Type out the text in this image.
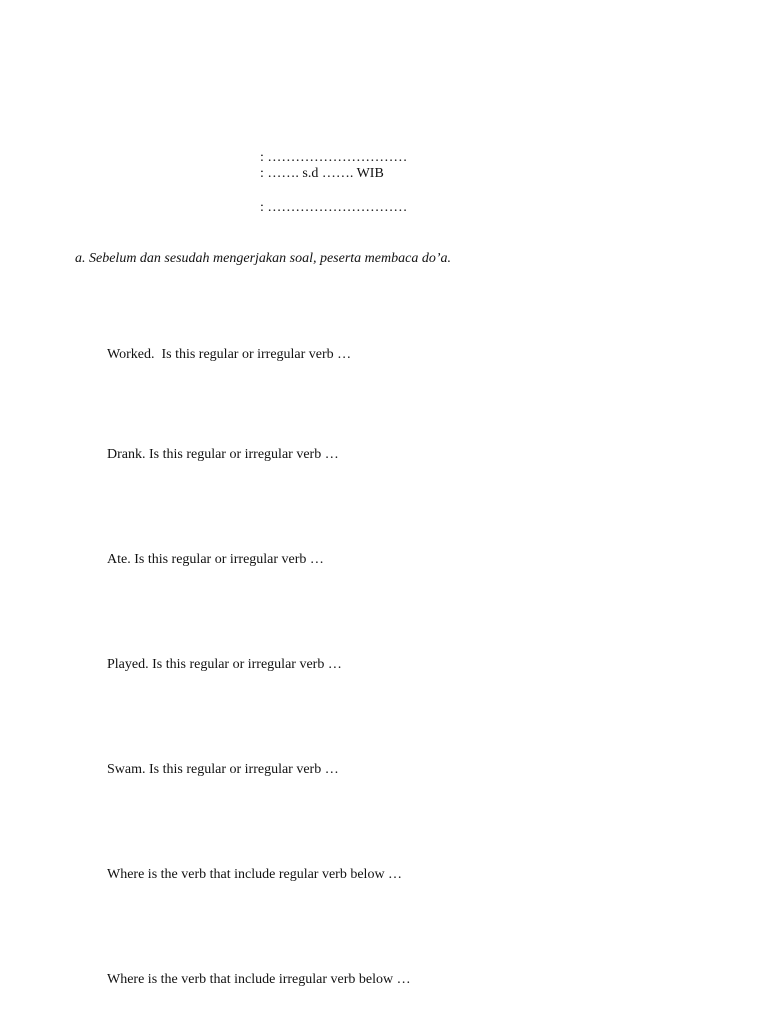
: …………………………
: ……. s.d ……. WIB
: …………………………
a. Sebelum dan sesudah mengerjakan soal, peserta membaca do’a.
Worked.  Is this regular or irregular verb …
Drank. Is this regular or irregular verb …
Ate. Is this regular or irregular verb …
Played. Is this regular or irregular verb …
Swam. Is this regular or irregular verb …
Where is the verb that include regular verb below …
Where is the verb that include irregular verb below …
